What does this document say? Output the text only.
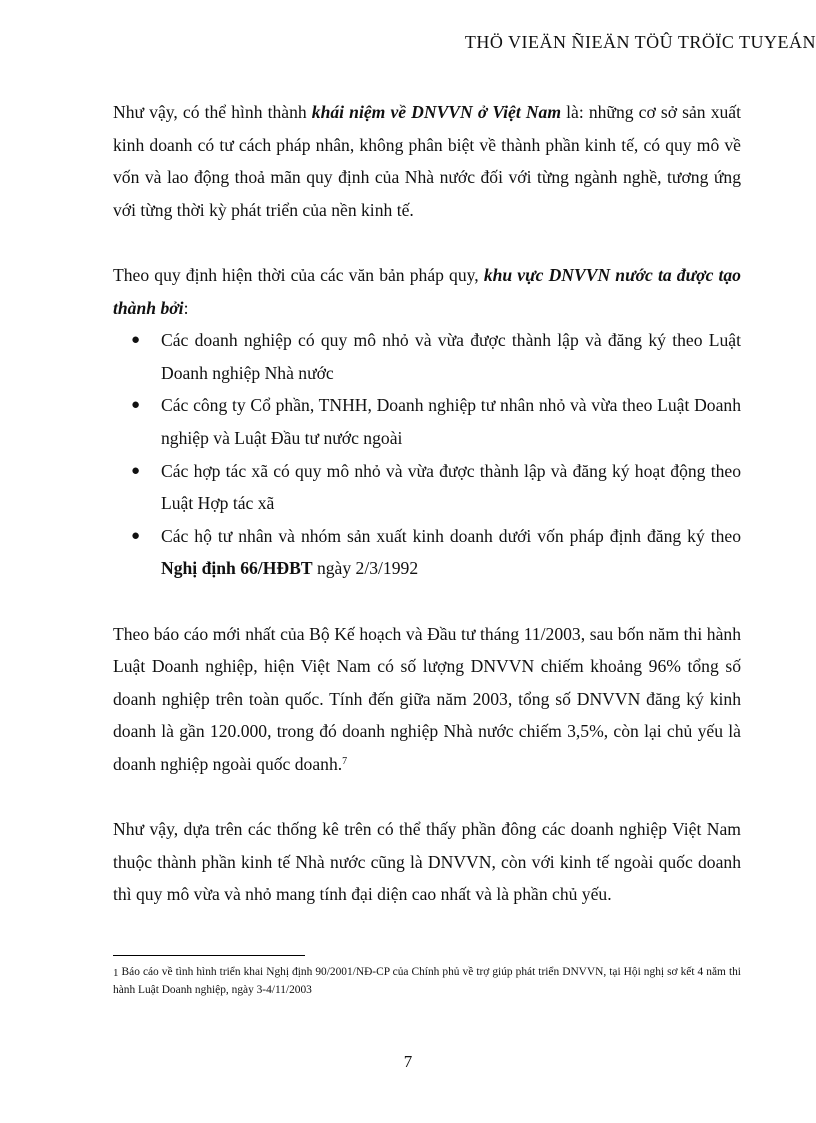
THÖ VIEÄN ÑIEÄN TÖÛ TRÖÏC TUYEÁN

Như vậy, có thể hình thành khái niệm về DNVVN ở Việt Nam là: những cơ sở sản xuất kinh doanh có tư cách pháp nhân, không phân biệt về thành phần kinh tế, có quy mô về vốn và lao động thoả mãn quy định của Nhà nước đối với từng ngành nghề, tương ứng với từng thời kỳ phát triển của nền kinh tế.

Theo quy định hiện thời của các văn bản pháp quy, khu vực DNVVN nước ta được tạo thành bởi:

● Các doanh nghiệp có quy mô nhỏ và vừa được thành lập và đăng ký theo Luật Doanh nghiệp Nhà nước
● Các công ty Cổ phần, TNHH, Doanh nghiệp tư nhân nhỏ và vừa theo Luật Doanh nghiệp và Luật Đầu tư nước ngoài
● Các hợp tác xã có quy mô nhỏ và vừa được thành lập và đăng ký hoạt động theo Luật Hợp tác xã
● Các hộ tư nhân và nhóm sản xuất kinh doanh dưới vốn pháp định đăng ký theo Nghị định 66/HĐBT ngày 2/3/1992

Theo báo cáo mới nhất của Bộ Kế hoạch và Đầu tư tháng 11/2003, sau bốn năm thi hành Luật Doanh nghiệp, hiện Việt Nam có số lượng DNVVN chiếm khoảng 96% tổng số doanh nghiệp trên toàn quốc. Tính đến giữa năm 2003, tổng số DNVVN đăng ký kinh doanh là gần 120.000, trong đó doanh nghiệp Nhà nước chiếm 3,5%, còn lại chủ yếu là doanh nghiệp ngoài quốc doanh.$^7$

Như vậy, dựa trên các thống kê trên có thể thấy phần đông các doanh nghiệp Việt Nam thuộc thành phần kinh tế Nhà nước cũng là DNVVN, còn với kinh tế ngoài quốc doanh thì quy mô vừa và nhỏ mang tính đại diện cao nhất và là phần chủ yếu.

$^1$ Báo cáo về tình hình triển khai Nghị định 90/2001/NĐ-CP của Chính phủ về trợ giúp phát triển DNVVN, tại Hội nghị sơ kết 4 năm thi hành Luật Doanh nghiệp, ngày 3-4/11/2003
7
